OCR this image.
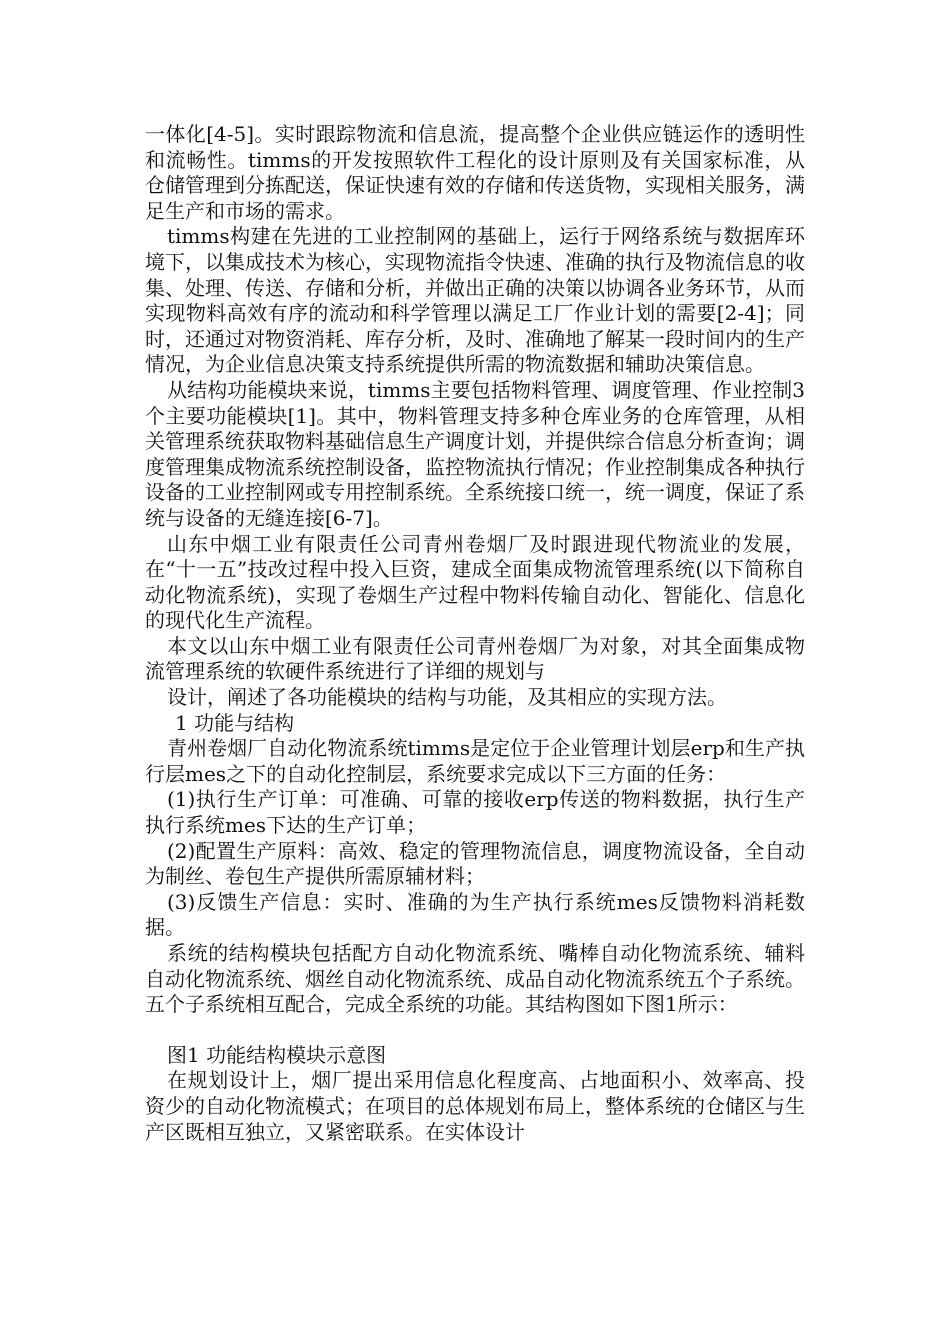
一体化[4-5]。实时跟踪物流和信息流，提高整个企业供应链运作的透明性和流畅性。timms的开发按照软件工程化的设计原则及有关国家标准，从仓储管理到分拣配送，保证快速有效的存储和传送货物，实现相关服务，满足生产和市场的需求。

timms构建在先进的工业控制网的基础上，运行于网络系统与数据库环境下，以集成技术为核心，实现物流指令快速、准确的执行及物流信息的收集、处理、传送、存储和分析，并做出正确的决策以协调各业务环节，从而实现物料高效有序的流动和科学管理以满足工厂作业计划的需要[2-4]；同时，还通过对物资消耗、库存分析，及时、准确地了解某一段时间内的生产情况，为企业信息决策支持系统提供所需的物流数据和辅助决策信息。

从结构功能模块来说，timms主要包括物料管理、调度管理、作业控制3个主要功能模块[1]。其中，物料管理支持多种仓库业务的仓库管理，从相关管理系统获取物料基础信息生产调度计划，并提供综合信息分析查询；调度管理集成物流系统控制设备，监控物流执行情况；作业控制集成各种执行设备的工业控制网或专用控制系统。全系统接口统一，统一调度，保证了系统与设备的无缝连接[6-7]。

山东中烟工业有限责任公司青州卷烟厂及时跟进现代物流业的发展，在“十一五”技改过程中投入巨资，建成全面集成物流管理系统(以下简称自动化物流系统)，实现了卷烟生产过程中物料传输自动化、智能化、信息化的现代化生产流程。

本文以山东中烟工业有限责任公司青州卷烟厂为对象，对其全面集成物流管理系统的软硬件系统进行了详细的规划与

设计，阐述了各功能模块的结构与功能，及其相应的实现方法。

1 功能与结构

青州卷烟厂自动化物流系统timms是定位于企业管理计划层erp和生产执行层mes之下的自动化控制层，系统要求完成以下三方面的任务：

(1)执行生产订单：可准确、可靠的接收erp传送的物料数据，执行生产执行系统mes下达的生产订单；

(2)配置生产原料：高效、稳定的管理物流信息，调度物流设备，全自动为制丝、卷包生产提供所需原辅材料；

(3)反馈生产信息：实时、准确的为生产执行系统mes反馈物料消耗数据。

系统的结构模块包括配方自动化物流系统、嘴棒自动化物流系统、辅料自动化物流系统、烟丝自动化物流系统、成品自动化物流系统五个子系统。五个子系统相互配合，完成全系统的功能。其结构图如下图1所示：

图1 功能结构模块示意图

在规划设计上，烟厂提出采用信息化程度高、占地面积小、效率高、投资少的自动化物流模式；在项目的总体规划布局上，整体系统的仓储区与生产区既相互独立，又紧密联系。在实体设计
